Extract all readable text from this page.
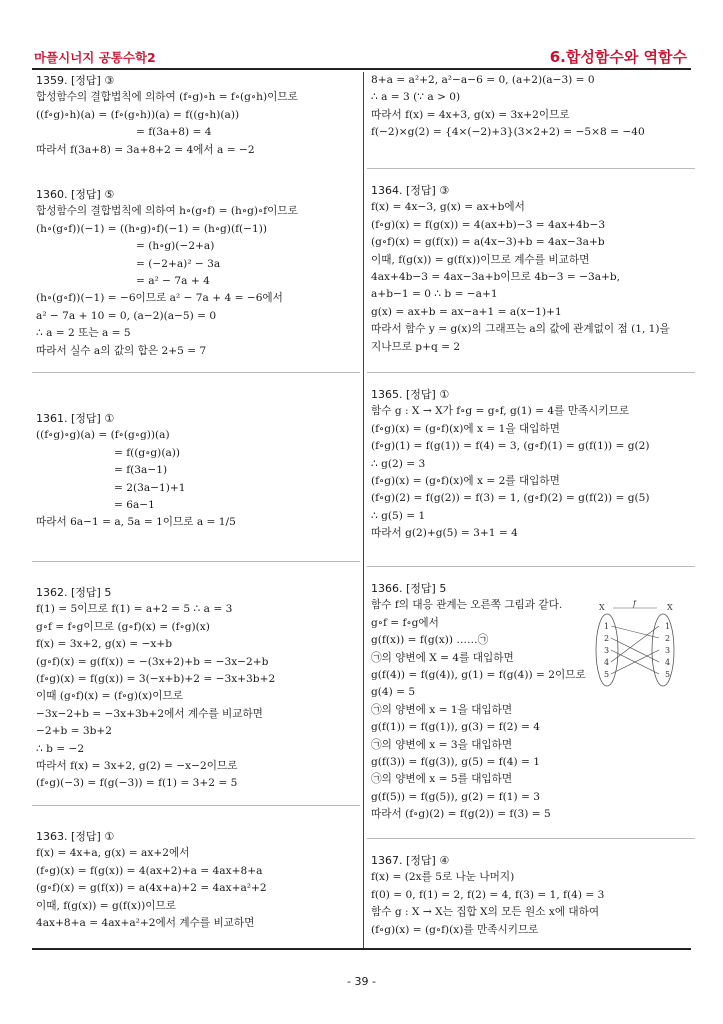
마플시너지 공통수학2	6.합성함수와 역함수
1359. [정답] ③
합성함수의 결합법칙에 의하여 (f∘g)∘h = f∘(g∘h)이므로
((f∘g)∘h)(a) = (f∘(g∘h))(a) = f((g∘h)(a))
= f(3a+8) = 4
따라서 f(3a+8) = 3a+8+2 = 4에서 a = −2
1360. [정답] ⑤
합성함수의 결합법칙에 의하여 h∘(g∘f) = (h∘g)∘f이므로
(h∘(g∘f))(−1) = ((h∘g)∘f)(−1) = (h∘g)(f(−1))
= (h∘g)(−2+a)
= (−2+a)² − 3a
= a² − 7a + 4
(h∘(g∘f))(−1) = −6이므로 a² − 7a + 4 = −6에서
a² − 7a + 10 = 0, (a−2)(a−5) = 0
∴ a = 2 또는 a = 5
따라서 실수 a의 값의 합은 2+5 = 7
1361. [정답] ①
((f∘g)∘g)(a) = (f∘(g∘g))(a)
= f((g∘g)(a))
= f(3a−1)
= 2(3a−1)+1
= 6a−1
따라서 6a−1 = a, 5a = 1이므로 a = 1/5
1362. [정답] 5
f(1) = 5이므로 f(1) = a+2 = 5 ∴ a = 3
g∘f = f∘g이므로 (g∘f)(x) = (f∘g)(x)
f(x) = 3x+2, g(x) = −x+b
(g∘f)(x) = g(f(x)) = −(3x+2)+b = −3x−2+b
(f∘g)(x) = f(g(x)) = 3(−x+b)+2 = −3x+3b+2
이때 (g∘f)(x) = (f∘g)(x)이므로
−3x−2+b = −3x+3b+2에서 계수를 비교하면
−2+b = 3b+2
∴ b = −2
따라서 f(x) = 3x+2, g(2) = −x−2이므로
(f∘g)(−3) = f(g(−3)) = f(1) = 3+2 = 5
1363. [정답] ①
f(x) = 4x+a, g(x) = ax+2에서
(f∘g)(x) = f(g(x)) = 4(ax+2)+a = 4ax+8+a
(g∘f)(x) = g(f(x)) = a(4x+a)+2 = 4ax+a²+2
이때, f(g(x)) = g(f(x))이므로
4ax+8+a = 4ax+a²+2에서 계수를 비교하면
8+a = a²+2, a²−a−6 = 0, (a+2)(a−3) = 0
∴ a = 3 (∵ a > 0)
따라서 f(x) = 4x+3, g(x) = 3x+2이므로
f(−2)×g(2) = {4×(−2)+3}(3×2+2) = −5×8 = −40
1364. [정답] ③
f(x) = 4x−3, g(x) = ax+b에서
(f∘g)(x) = f(g(x)) = 4(ax+b)−3 = 4ax+4b−3
(g∘f)(x) = g(f(x)) = a(4x−3)+b = 4ax−3a+b
이때, f(g(x)) = g(f(x))이므로 계수를 비교하면
4ax+4b−3 = 4ax−3a+b이므로 4b−3 = −3a+b,
a+b−1 = 0 ∴ b = −a+1
g(x) = ax+b = ax−a+1 = a(x−1)+1
따라서 함수 y = g(x)의 그래프는 a의 값에 관계없이 점 (1, 1)을
지나므로 p+q = 2
1365. [정답] ①
함수 g : X → X가 f∘g = g∘f, g(1) = 4를 만족시키므로
(f∘g)(x) = (g∘f)(x)에 x = 1을 대입하면
(f∘g)(1) = f(g(1)) = f(4) = 3, (g∘f)(1) = g(f(1)) = g(2)
∴ g(2) = 3
(f∘g)(x) = (g∘f)(x)에 x = 2를 대입하면
(f∘g)(2) = f(g(2)) = f(3) = 1, (g∘f)(2) = g(f(2)) = g(5)
∴ g(5) = 1
따라서 g(2)+g(5) = 3+1 = 4
1366. [정답] 5
함수 f의 대응 관계는 오른쪽 그림과 같다.
g∘f = f∘g에서
g(f(x)) = f(g(x)) ……㉠
㉠의 양변에 X = 4를 대입하면
g(f(4)) = f(g(4)), g(1) = f(g(4)) = 2이므로
g(4) = 5
㉠의 양변에 x = 1을 대입하면
g(f(1)) = f(g(1)), g(3) = f(2) = 4
㉠의 양변에 x = 3을 대입하면
g(f(3)) = f(g(3)), g(5) = f(4) = 1
㉠의 양변에 x = 5를 대입하면
g(f(5)) = f(g(5)), g(2) = f(1) = 3
따라서 (f∘g)(2) = f(g(2)) = f(3) = 5
X	X
f
1
2
3
4
5
1
2
3
4
5
1367. [정답] ④
f(x) = (2x를 5로 나눈 나머지)
f(0) = 0, f(1) = 2, f(2) = 4, f(3) = 1, f(4) = 3
함수 g : X → X는 집합 X의 모든 원소 x에 대하여
(f∘g)(x) = (g∘f)(x)를 만족시키므로
- 39 -
